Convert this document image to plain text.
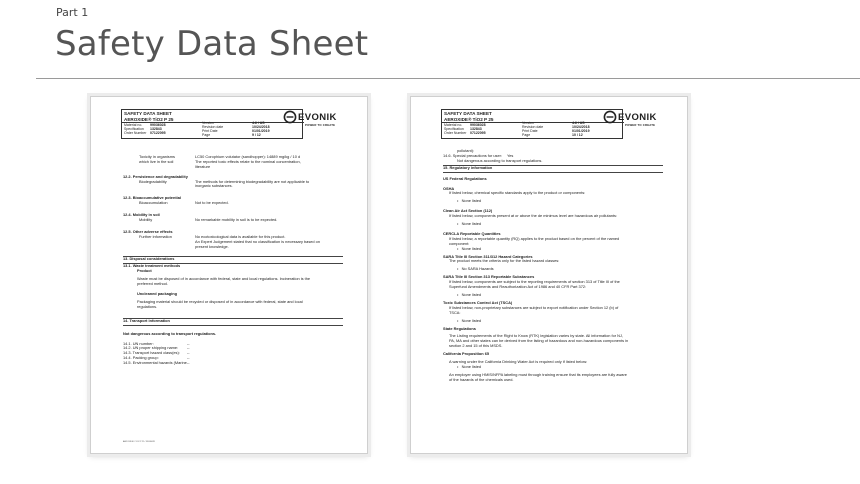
Part 1
Safety Data Sheet
SAFETY DATA SHEET
AEROXIDE® TiO2 P 25
Material no. 99036028
Specification 132843
Order Number 07122095
Version	4.6 / US
Revision date	10/24/2018
Print Date	01/01/2019
Page	9 / 12
EVONIK
POWER TO CREATE
Toxicity in organisms	LC50 Corophium volutator (sandhopper): 14889 mg/kg / 10 d
which live in the soil	The reported toxic effects relate to the nominal concentration,
literature
12.2. Persistence and degradability
Biodegradability	The methods for determining biodegradability are not applicable to
inorganic substances.
12.3. Bioaccumulative potential
Bioaccumulation	Not to be expected.
12.4. Mobility in soil
Mobility	No remarkable mobility in soil is to be expected.
12.5. Other adverse effects
Further information	No ecotoxicological data is available for this product.
An Expert Judgement stated that no classification is necessary based on
present knowledge.
13. Disposal considerations
13.1. Waste treatment methods
Product
Waste must be disposed of in accordance with federal, state and local regulations. Incineration is the
preferred method.
Uncleaned packaging
Packaging material should be recycled or disposed of in accordance with federal, state and local
regulations.
14. Transport information
Not dangerous according to transport regulations.
14.1. UN number:	--
14.2. UN proper shipping name: --
14.3. Transport hazard class(es): --
14.4. Packing group:	--
14.5. Environmental hazards (Marine --
AEROXIDE® TiO2 P 25 / 99036028
SAFETY DATA SHEET
AEROXIDE® TiO2 P 25
Material no. 99036028
Specification 132843
Order Number 07122095
Version	4.6 / US
Revision date	10/24/2018
Print Date	01/01/2019
Page	10 / 12
EVONIK
POWER TO CREATE
pollutant):
14.6. Special precautions for user: Yes
Not dangerous according to transport regulations.
15. Regulatory information
US Federal Regulations
OSHA
If listed below, chemical specific standards apply to the product or components:
•   None listed
Clean Air Act Section (112)
If listed below, components present at or above the de minimus level are hazardous air pollutants:
•   None listed
CERCLA Reportable Quantities
If listed below, a reportable quantity (RQ) applies to the product based on the percent of the named
component:
•   None listed
SARA Title III Section 311/312 Hazard Categories
The product meets the criteria only for the listed hazard classes:
•   No SARA Hazards
SARA Title III Section 313 Reportable Substances
If listed below, components are subject to the reporting requirements of section 313 of Title III of the
Superfund Amendments and Reauthorization Act of 1986 and 40 CFR Part 372:
•   None listed
Toxic Substances Control Act (TSCA)
If listed below, non-proprietary substances are subject to export notification under Section 12 (b) of
TSCA:
•   None listed
State Regulations
The Listing requirements of the Right to Know (RTK) legislation varies by state. All information for NJ,
PA, MA and other states can be derived from the listing of hazardous and non-hazardous components in
section 2 and 15 of this MSDS.
California Proposition 65
A warning under the California Drinking Water Act is required only if listed below:
•   None listed
An employer using HMIS/NFPA labeling must through training ensure that its employees are fully aware
of the hazards of the chemicals used.
